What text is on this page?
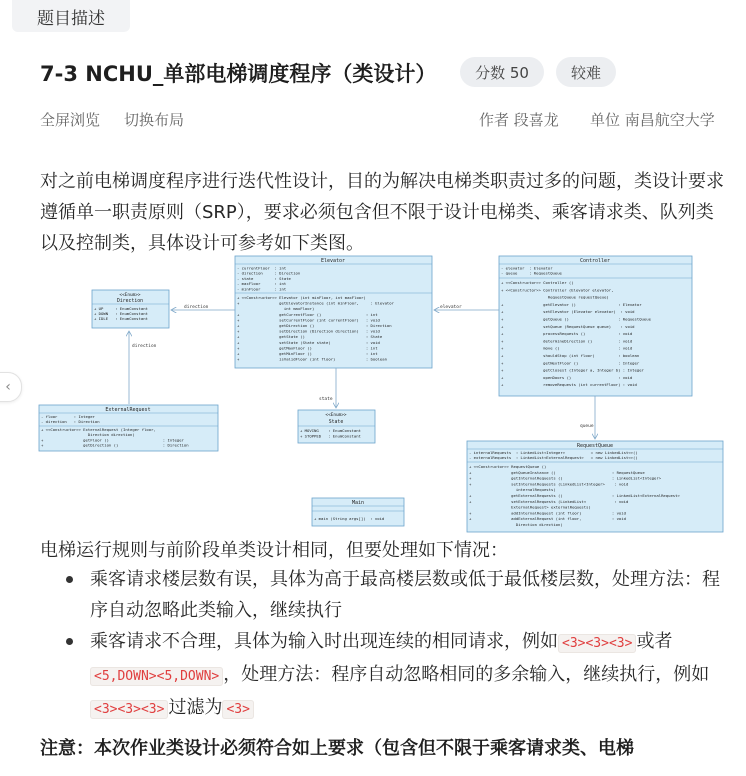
题目描述
7-3 NCHU_单部电梯调度程序（类设计）	分数 50	较难
全屏浏览 切换布局	作者 段喜龙 单位 南昌航空大学
‹
对之前电梯调度程序进行迭代性设计，目的为解决电梯类职责过多的问题，类设计要求遵循单一职责原则（SRP），要求必须包含但不限于设计电梯类、乘客请求类、队列类以及控制类，具体设计可参考如下类图。
Elevator
- currentFloor  : int
- direction     : Direction
- state         : State
- maxFloor      : int
- minFloor      : int
+ <<Constructor>> Elevator (int minFloor, int maxFloor)
+                 getElevatorInstance (int minFloor,     : Elevator
int maxFloor)
+                 getCurrentFloor ()                   : int
+                 setCurrentFloor (int currentFloor)   : void
+                 getDirection ()                      : Direction
+                 setDirection (Direction direction)   : void
+                 getState ()                          : State
+                 setState (State state)               : void
+                 getMaxFloor ()                       : int
+                 getMinFloor ()                       : int
+                 isValidFloor (int floor)             : boolean
<<Enum>>
Direction
+ UP     : EnumConstant
+ DOWN   : EnumConstant
+ IDLE   : EnumConstant
Controller
- elevator  : Elevator
- queue     : RequestQueue
+ <<Constructor>> Controller ()
+ <<Constructor>> Controller (Elevator elevator,
RequestQueue requestQueue)
+                 getElevator ()                  : Elevator
+                 setElevator (Elevator elevator)  : void
+                 getQueue ()                     : RequestQueue
+                 setQueue (RequestQueue queue)    : void
+                 processRequests ()              : void
+                 determineDirection ()           : void
+                 move ()                         : void
+                 shouldStop (int floor)          : boolean
+                 getNextFloor ()                 : Integer
+                 getClosest (Integer a, Integer b) : Integer
+                 openDoors ()                    : void
+                 removeRequests (int currentFloor) : void
ExternalRequest
- floor       : Integer
- direction   : Direction
+ <<Constructor>> ExternalRequest (Integer floor,
Direction direction)
+                 getFloor ()                       : Integer
+                 getDirection ()                   : Direction
<<Enum>>
State
+ MOVING    : EnumConstant
+ STOPPED   : EnumConstant
Main
+ main (String args[])  : void
RequestQueue
- internalRequests  : LinkedList<Integer>           = new LinkedList<>()
- externalRequests  : LinkedList<ExternalRequest>   = new LinkedList<>()
+ <<Constructor>> RequestQueue ()
+                 getQueueInstance ()                        : RequestQueue
+                 getInternalRequests ()                     : LinkedList<Integer>
+                 setInternalRequests (LinkedList<Integer>    : void
internalRequests)
+                 getExternalRequests ()                     : LinkedList<ExternalRequest>
+                 setExternalRequests (LinkedList<            : void
ExternalRequest> externalRequests)
+                 addInternalRequest (int floor)             : void
+                 addExternalRequest (int floor,             : void
Direction direction)
direction
direction
elevator
state
queue
电梯运行规则与前阶段单类设计相同，但要处理如下情况：
乘客请求楼层数有误，具体为高于最高楼层数或低于最低楼层数，处理方法：程序自动忽略此类输入，继续执行
乘客请求不合理，具体为输入时出现连续的相同请求，例如 <3><3><3> 或者<5,DOWN><5,DOWN> ，处理方法：程序自动忽略相同的多余输入，继续执行，例如<3><3><3> 过滤为 <3>
注意：本次作业类设计必须符合如上要求（包含但不限于乘客请求类、电梯
